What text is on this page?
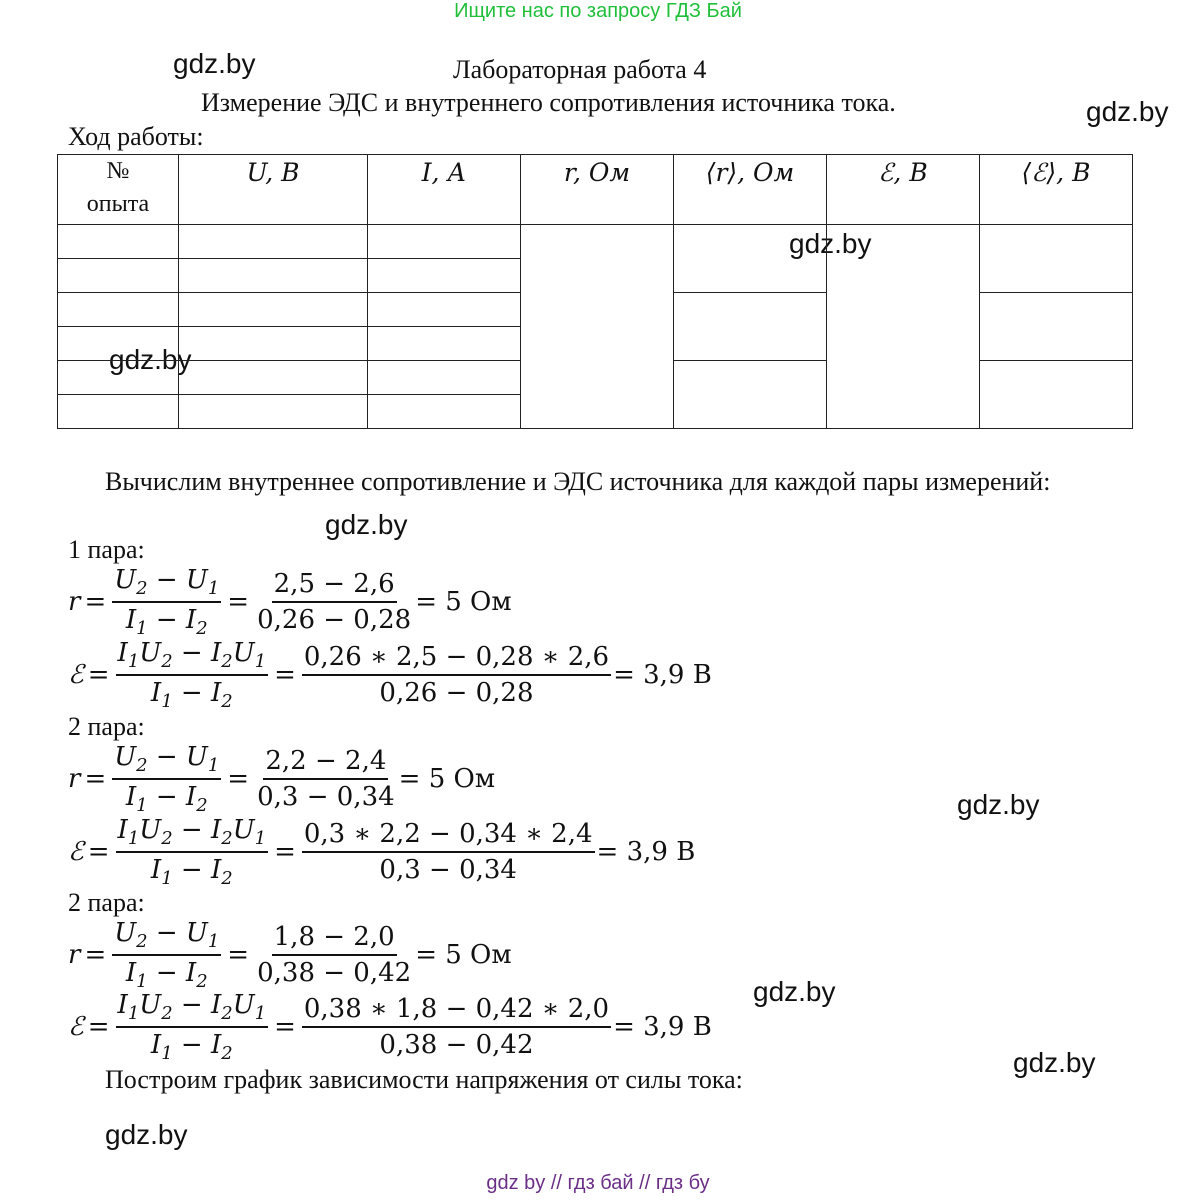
Ищите нас по запросу ГДЗ Бай
gdz.by
gdz.by
gdz.by
gdz.by
gdz.by
gdz.by
gdz.by
gdz.by
gdz.by
Лабораторная работа 4
Измерение ЭДС и внутреннего сопротивления источника тока.
Ход работы:
№ опыта	U, В	I, А	r, Ом	⟨r⟩, Ом	ℰ, В	⟨ℰ⟩, В

Вычислим внутреннее сопротивление и ЭДС источника для каждой пары измерений:
1 пара:
$r = \frac{U_2 - U_1}{I_1 - I_2} = \frac{2,5 - 2,6}{0,26 - 0,28} = 5$ Ом
ℰ = $\frac{I_1U_2 - I_2U_1}{I_1 - I_2} = \frac{0,26 ∗ 2,5 - 0,28 ∗ 2,6}{0,26 - 0,28} = 3,9$ В
2 пара:
$r = \frac{U_2 - U_1}{I_1 - I_2} = \frac{2,2 - 2,4}{0,3 - 0,34} = 5$ Ом
ℰ = $\frac{I_1U_2 - I_2U_1}{I_1 - I_2} = \frac{0,3 ∗ 2,2 - 0,34 ∗ 2,4}{0,3 - 0,34} = 3,9$ В
2 пара:
$r = \frac{U_2 - U_1}{I_1 - I_2} = \frac{1,8 - 2,0}{0,38 - 0,42} = 5$ Ом
ℰ = $\frac{I_1U_2 - I_2U_1}{I_1 - I_2} = \frac{0,38 ∗ 1,8 - 0,42 ∗ 2,0}{0,38 - 0,42} = 3,9$ В
Построим график зависимости напряжения от силы тока:
gdz by // гдз бай // гдз бу
